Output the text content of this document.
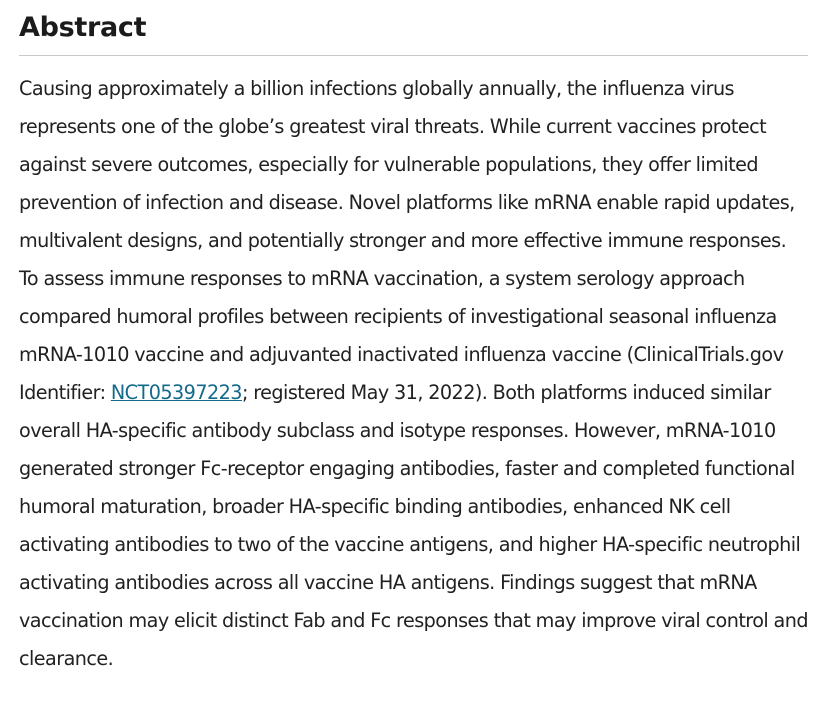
Abstract

Causing approximately a billion infections globally annually, the influenza virus represents one of the globe’s greatest viral threats. While current vaccines protect against severe outcomes, especially for vulnerable populations, they offer limited prevention of infection and disease. Novel platforms like mRNA enable rapid updates, multivalent designs, and potentially stronger and more effective immune responses. To assess immune responses to mRNA vaccination, a system serology approach compared humoral profiles between recipients of investigational seasonal influenza mRNA-1010 vaccine and adjuvanted inactivated influenza vaccine (ClinicalTrials.gov Identifier: NCT05397223; registered May 31, 2022). Both platforms induced similar overall HA-specific antibody subclass and isotype responses. However, mRNA-1010 generated stronger Fc-receptor engaging antibodies, faster and completed functional humoral maturation, broader HA-specific binding antibodies, enhanced NK cell activating antibodies to two of the vaccine antigens, and higher HA-specific neutrophil activating antibodies across all vaccine HA antigens. Findings suggest that mRNA vaccination may elicit distinct Fab and Fc responses that may improve viral control and clearance.
